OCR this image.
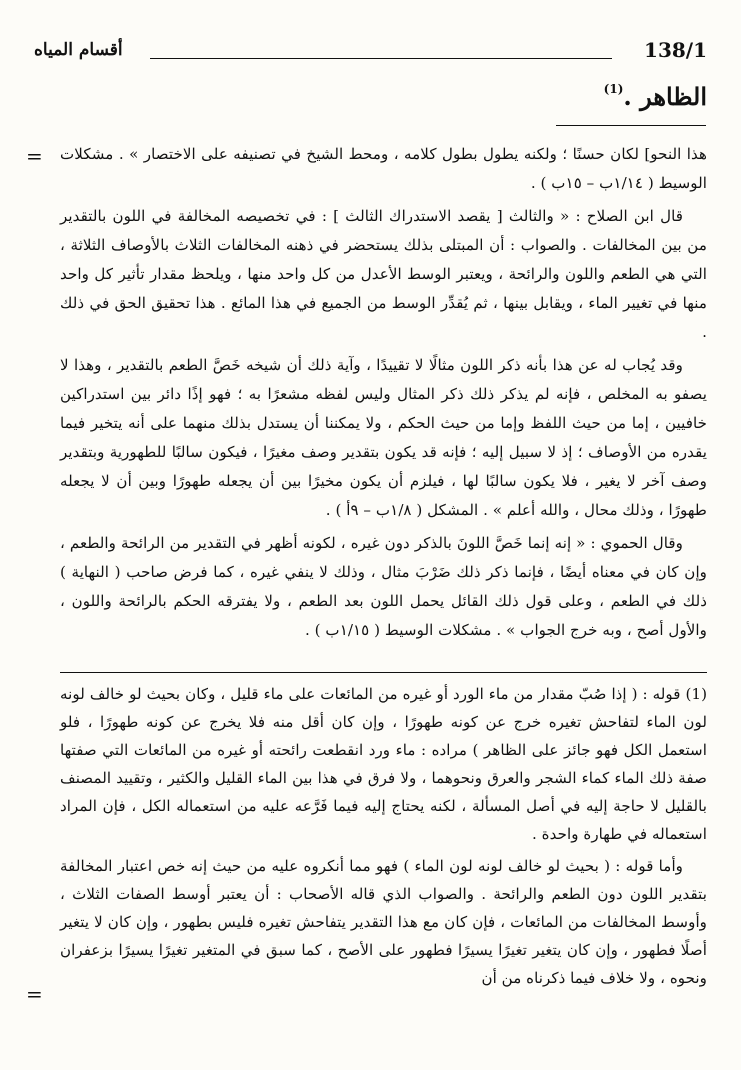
138/1
أقسام المياه
الظاهر .$^{(1)}$
= هذا النحو] لكان حسنًا ؛ ولكنه يطول بطول كلامه ، ومحط الشيخ في تصنيفه على الاختصار » . مشكلات الوسيط ( ١/١٤ب – ١٥ب ) .

قال ابن الصلاح : « والثالث [ يقصد الاستدراك الثالث ] : في تخصيصه المخالفة في اللون بالتقدير من بين المخالفات . والصواب : أن المبتلى بذلك يستحضر في ذهنه المخالفات الثلاث بالأوصاف الثلاثة ، التي هي الطعم واللون والرائحة ، ويعتبر الوسط الأعدل من كل واحد منها ، ويلحظ مقدار تأثير كل واحد منها في تغيير الماء ، ويقابل بينها ، ثم يُقدِّر الوسط من الجميع في هذا المائع . هذا تحقيق الحق في ذلك .

وقد يُجاب له عن هذا بأنه ذكر اللون مثالًا لا تقييدًا ، وآية ذلك أن شيخه خَصَّ الطعم بالتقدير ، وهذا لا يصفو به المخلص ، فإنه لم يذكر ذلك ذكر المثال وليس لفظه مشعرًا به ؛ فهو إذًا دائر بين استدراكين خافيين ، إما من حيث اللفظ وإما من حيث الحكم ، ولا يمكننا أن يستدل بذلك منهما على أنه يتخير فيما يقدره من الأوصاف ؛ إذ لا سبيل إليه ؛ فإنه قد يكون بتقدير وصف مغيرًا ، فيكون سالبًا للطهورية وبتقدير وصف آخر لا يغير ، فلا يكون سالبًا لها ، فيلزم أن يكون مخيرًا بين أن يجعله طهورًا وبين أن لا يجعله طهورًا ، وذلك محال ، والله أعلم » . المشكل ( ١/٨ب – ٩أ ) .

وقال الحموي : « إنه إنما خَصَّ اللونَ بالذكر دون غيره ، لكونه أظهر في التقدير من الرائحة والطعم ، وإن كان في معناه أيضًا ، فإنما ذكر ذلك ضَرْبَ مثال ، وذلك لا ينفي غيره ، كما فرض صاحب ( النهاية ) ذلك في الطعم ، وعلى قول ذلك القائل يحمل اللون بعد الطعم ، ولا يفترقه الحكم بالرائحة واللون ، والأول أصح ، وبه خرج الجواب » . مشكلات الوسيط ( ١/١٥ب ) .

(1) قوله : ( إذا صُبّ مقدار من ماء الورد أو غيره من المائعات على ماء قليل ، وكان بحيث لو خالف لونه لون الماء لتفاحش تغيره خرج عن كونه طهورًا ، وإن كان أقل منه فلا يخرج عن كونه طهورًا ، فلو استعمل الكل فهو جائز على الظاهر ) مراده : ماء ورد انقطعت رائحته أو غيره من المائعات التي صفتها صفة ذلك الماء كماء الشجر والعرق ونحوهما ، ولا فرق في هذا بين الماء القليل والكثير ، وتقييد المصنف بالقليل لا حاجة إليه في أصل المسألة ، لكنه يحتاج إليه فيما فَرَّعه عليه من استعماله الكل ، فإن المراد استعماله في طهارة واحدة .

وأما قوله : ( بحيث لو خالف لونه لون الماء ) فهو مما أنكروه عليه من حيث إنه خص اعتبار المخالفة بتقدير اللون دون الطعم والرائحة . والصواب الذي قاله الأصحاب : أن يعتبر أوسط الصفات الثلاث ، وأوسط المخالفات من المائعات ، فإن كان مع هذا التقدير يتفاحش تغيره فليس بطهور ، وإن كان لا يتغير أصلًا فطهور ، وإن كان يتغير تغيرًا يسيرًا فطهور على الأصح ، كما سبق في المتغير تغيرًا يسيرًا بزعفران ونحوه ، ولا خلاف فيما ذكرناه من أن

=
